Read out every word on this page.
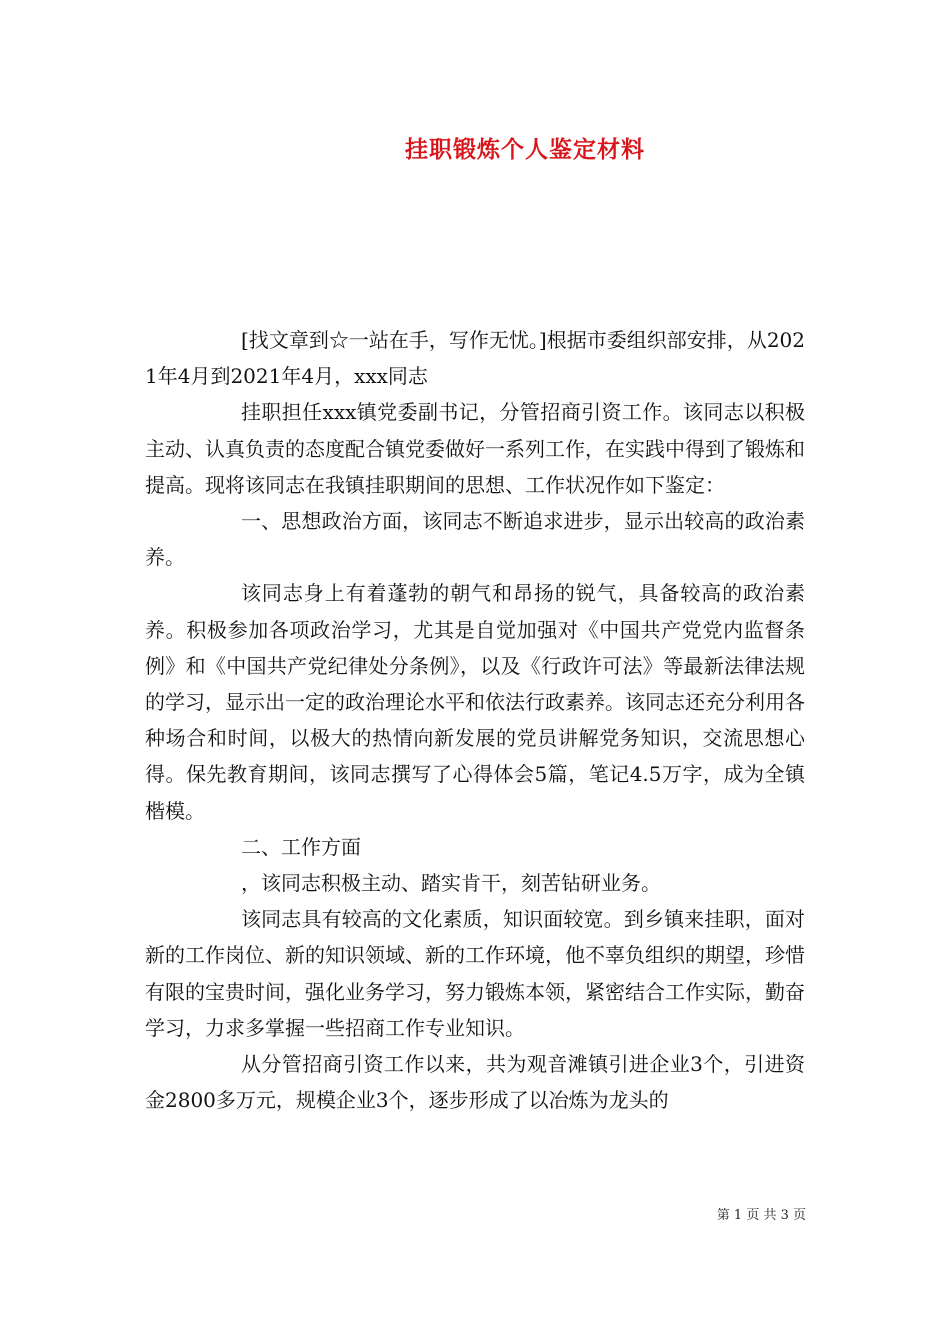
挂职锻炼个人鉴定材料

[找文章到☆一站在手，写作无忧。]根据市委组织部安排，从2021年4月到2021年4月，xxx同志

挂职担任xxx镇党委副书记，分管招商引资工作。该同志以积极主动、认真负责的态度配合镇党委做好一系列工作，在实践中得到了锻炼和提高。现将该同志在我镇挂职期间的思想、工作状况作如下鉴定：

一、思想政治方面，该同志不断追求进步，显示出较高的政治素养。

该同志身上有着蓬勃的朝气和昂扬的锐气，具备较高的政治素养。积极参加各项政治学习，尤其是自觉加强对《中国共产党党内监督条例》和《中国共产党纪律处分条例》，以及《行政许可法》等最新法律法规的学习，显示出一定的政治理论水平和依法行政素养。该同志还充分利用各种场合和时间，以极大的热情向新发展的党员讲解党务知识，交流思想心得。保先教育期间，该同志撰写了心得体会5篇，笔记4.5万字，成为全镇楷模。

二、工作方面

，该同志积极主动、踏实肯干，刻苦钻研业务。

该同志具有较高的文化素质，知识面较宽。到乡镇来挂职，面对新的工作岗位、新的知识领域、新的工作环境，他不辜负组织的期望，珍惜有限的宝贵时间，强化业务学习，努力锻炼本领，紧密结合工作实际，勤奋学习，力求多掌握一些招商工作专业知识。

从分管招商引资工作以来，共为观音滩镇引进企业3个，引进资金2800多万元，规模企业3个，逐步形成了以冶炼为龙头的

第 1 页 共 3 页
